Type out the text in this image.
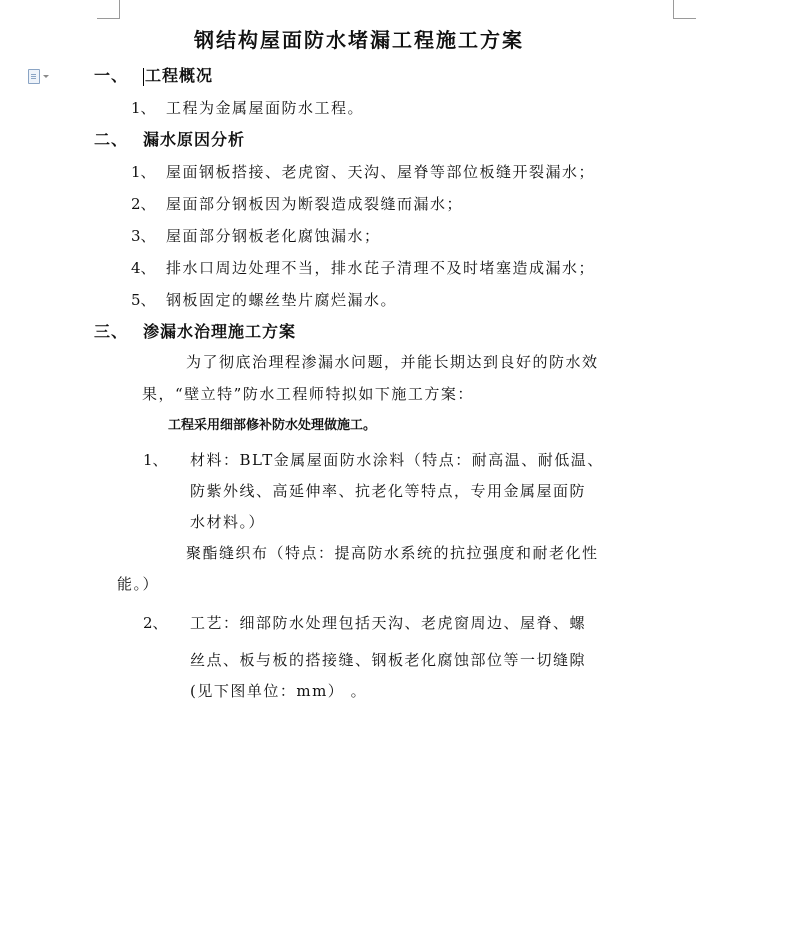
钢结构屋面防水堵漏工程施工方案
一、 工程概况
1、 工程为金属屋面防水工程。
二、 漏水原因分析
1、 屋面钢板搭接、老虎窗、天沟、屋脊等部位板缝开裂漏水；
2、 屋面部分钢板因为断裂造成裂缝而漏水；
3、 屋面部分钢板老化腐蚀漏水；
4、 排水口周边处理不当，排水芘子清理不及时堵塞造成漏水；
5、 钢板固定的螺丝垫片腐烂漏水。
三、 渗漏水治理施工方案
为了彻底治理程渗漏水问题，并能长期达到良好的防水效
果，“壁立特”防水工程师特拟如下施工方案：
工程采用细部修补防水处理做施工。
1、 材料：BLT金属屋面防水涂料（特点：耐高温、耐低温、
防紫外线、高延伸率、抗老化等特点，专用金属屋面防
水材料。）
聚酯缝织布（特点：提高防水系统的抗拉强度和耐老化性
能。）
2、 工艺：细部防水处理包括天沟、老虎窗周边、屋脊、螺
丝点、板与板的搭接缝、钢板老化腐蚀部位等一切缝隙
(见下图单位：mm） 。
